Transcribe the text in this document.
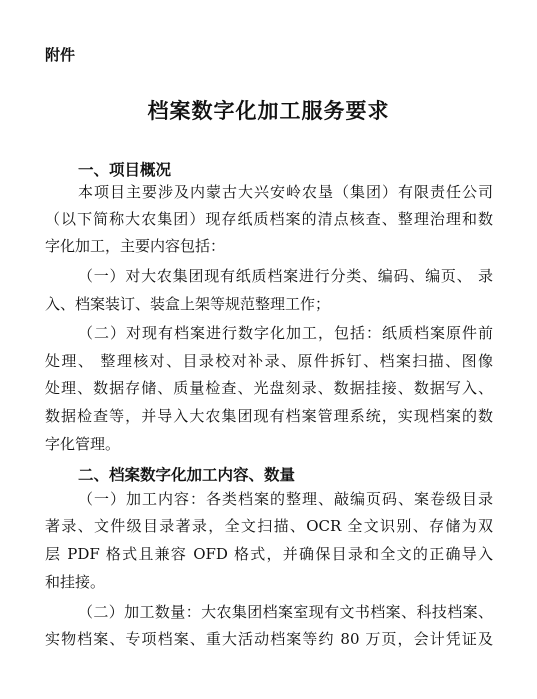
附件
档案数字化加工服务要求
一、项目概况
本项目主要涉及内蒙古大兴安岭农垦（集团）有限责任公司
（以下简称大农集团）现存纸质档案的清点核查、整理治理和数
字化加工，主要内容包括：
（一）对大农集团现有纸质档案进行分类、编码、编页、 录
入、档案装订、装盒上架等规范整理工作；
（二）对现有档案进行数字化加工，包括：纸质档案原件前
处理、 整理核对、目录校对补录、原件拆钉、档案扫描、图像
处理、数据存储、质量检查、光盘刻录、数据挂接、数据写入、
数据检查等，并导入大农集团现有档案管理系统，实现档案的数
字化管理。
二、档案数字化加工内容、数量
（一）加工内容：各类档案的整理、敲编页码、案卷级目录
著录、文件级目录著录，全文扫描、OCR 全文识别、存储为双
层 PDF 格式且兼容 OFD 格式，并确保目录和全文的正确导入
和挂接。
（二）加工数量：大农集团档案室现有文书档案、科技档案、
实物档案、专项档案、重大活动档案等约 80 万页，会计凭证及
